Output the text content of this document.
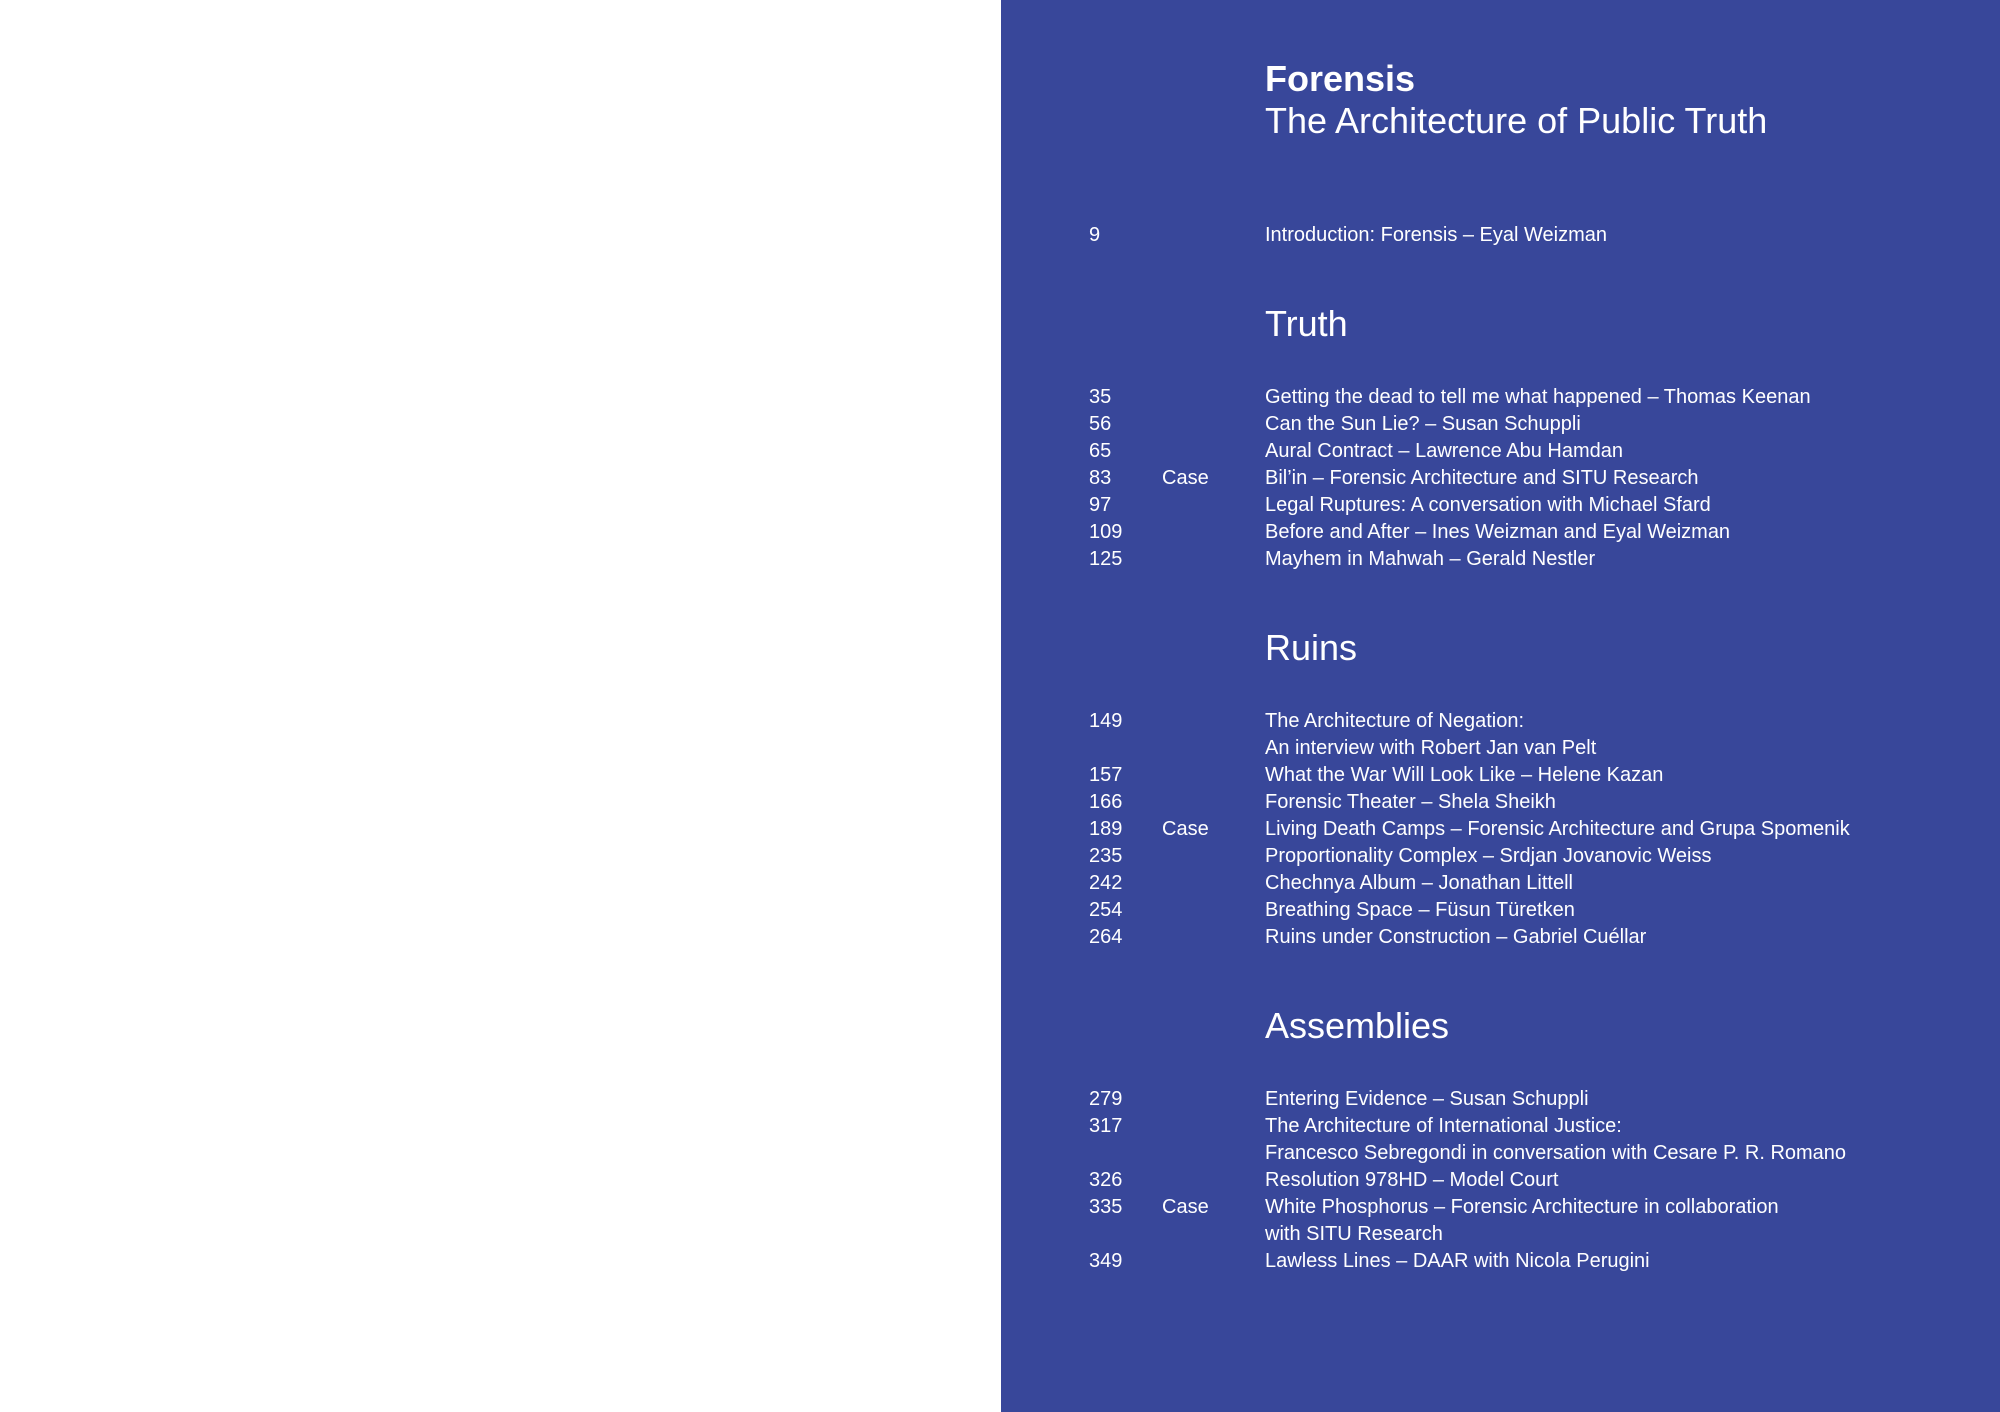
Forensis
The Architecture of Public Truth
9	Introduction: Forensis – Eyal Weizman
Truth
35	Getting the dead to tell me what happened – Thomas Keenan
56	Can the Sun Lie? – Susan Schuppli
65	Aural Contract – Lawrence Abu Hamdan
83	Case	Bil’in – Forensic Architecture and SITU Research
97	Legal Ruptures: A conversation with Michael Sfard
109	Before and After – Ines Weizman and Eyal Weizman
125	Mayhem in Mahwah – Gerald Nestler
Ruins
149	The Architecture of Negation:
An interview with Robert Jan van Pelt
157	What the War Will Look Like – Helene Kazan
166	Forensic Theater – Shela Sheikh
189 Case	Living Death Camps – Forensic Architecture and Grupa Spomenik
235	Proportionality Complex – Srdjan Jovanovic Weiss
242	Chechnya Album – Jonathan Littell
254	Breathing Space – Füsun Türetken
264	Ruins under Construction – Gabriel Cuéllar
Assemblies
279	Entering Evidence – Susan Schuppli
317	The Architecture of International Justice:
Francesco Sebregondi in conversation with Cesare P. R. Romano
326	Resolution 978HD – Model Court
335 Case	White Phosphorus – Forensic Architecture in collaboration
with SITU Research
349	Lawless Lines – DAAR with Nicola Perugini
